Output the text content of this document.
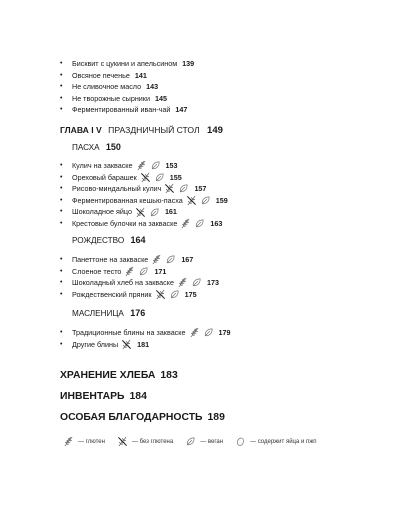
•	Бисквит с цукини и апельсином 139
•	Овсяное печенье 141
•	Не сливочное масло 143
•	Не творожные сырники 145
•	Ферментированный иван-чай 147
ГЛАВА I V ПРАЗДНИЧНЫЙ СТОЛ 149
ПАСХА 150
•	Кулич на закваске	153
•	Ореховый барашек	155
•	Рисово-миндальный кулич	157
•	Ферментированная кешью-пасха	159
•	Шоколадное яйцо	161
•	Крестовые булочки на закваске	163
РОЖДЕСТВО 164
•	Панеттоне на закваске	167
•	Слоеное тесто	171
•	Шоколадный хлеб на закваске	173
•	Рождественский пряник	175
МАСЛЕНИЦА 176
•	Традиционные блины на закваске	179
•	Другие блины	181
ХРАНЕНИЕ ХЛЕБА 183
ИНВЕНТАРЬ 184
ОСОБАЯ БЛАГОДАРНОСТЬ 189
— глютен	— без глютена	— веган	— содержит яйца и пжп
